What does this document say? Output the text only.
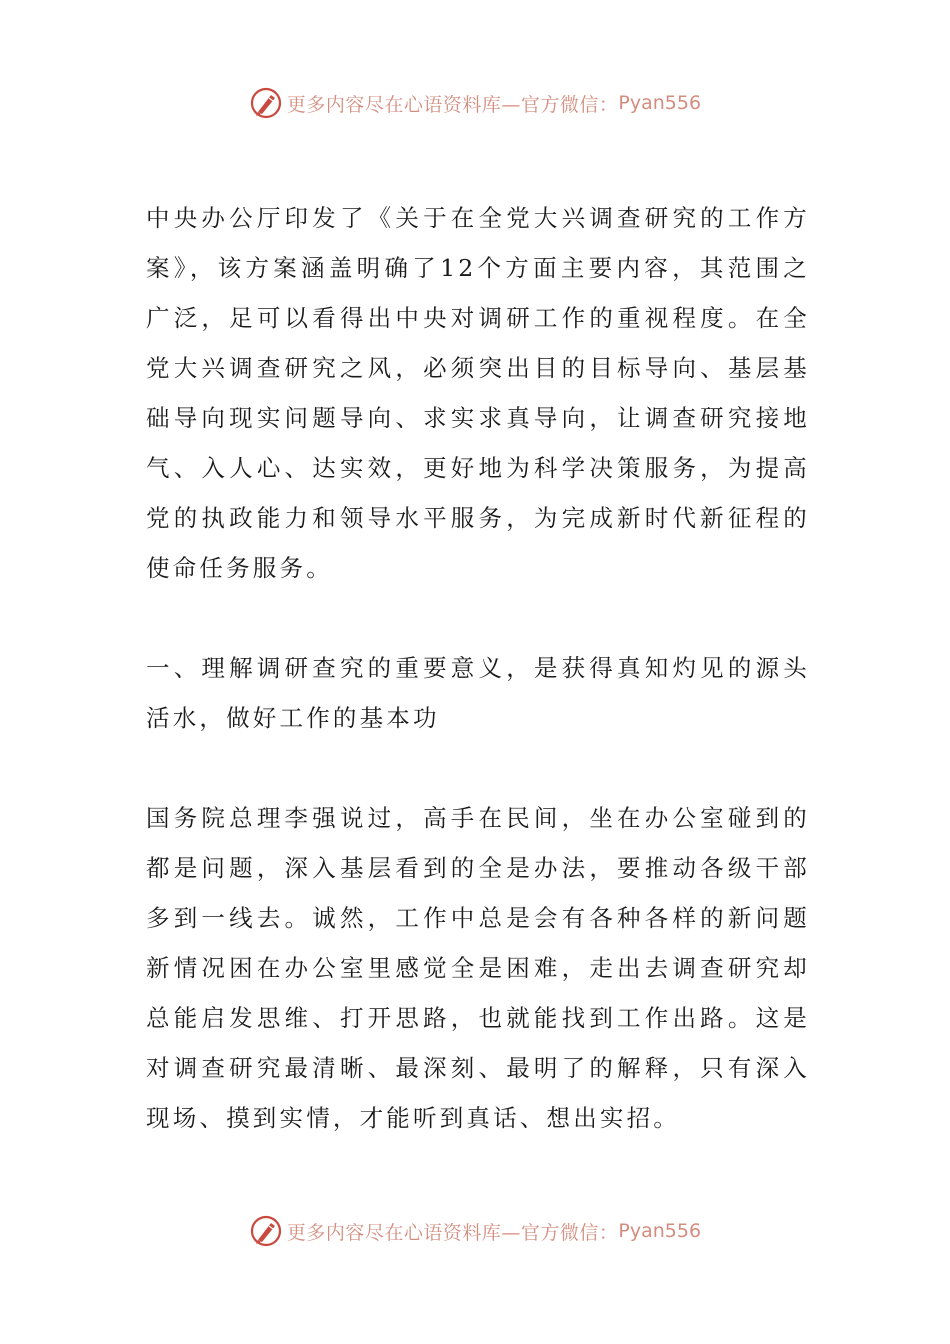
更多内容尽在心语资料库—官方微信： Pyan556

中央办公厅印发了《关于在全党大兴调查研究的工作方案》，该方案涵盖明确了12个方面主要内容，其范围之广泛，足可以看得出中央对调研工作的重视程度。在全党大兴调查研究之风，必须突出目的目标导向、基层基础导向现实问题导向、求实求真导向，让调查研究接地气、入人心、达实效，更好地为科学决策服务，为提高党的执政能力和领导水平服务，为完成新时代新征程的使命任务服务。

一、理解调研查究的重要意义，是获得真知灼见的源头活水，做好工作的基本功

国务院总理李强说过，高手在民间，坐在办公室碰到的都是问题，深入基层看到的全是办法，要推动各级干部多到一线去。诚然，工作中总是会有各种各样的新问题新情况困在办公室里感觉全是困难，走出去调查研究却总能启发思维、打开思路，也就能找到工作出路。这是对调查研究最清晰、最深刻、最明了的解释，只有深入现场、摸到实情，才能听到真话、想出实招。

更多内容尽在心语资料库—官方微信： Pyan556
